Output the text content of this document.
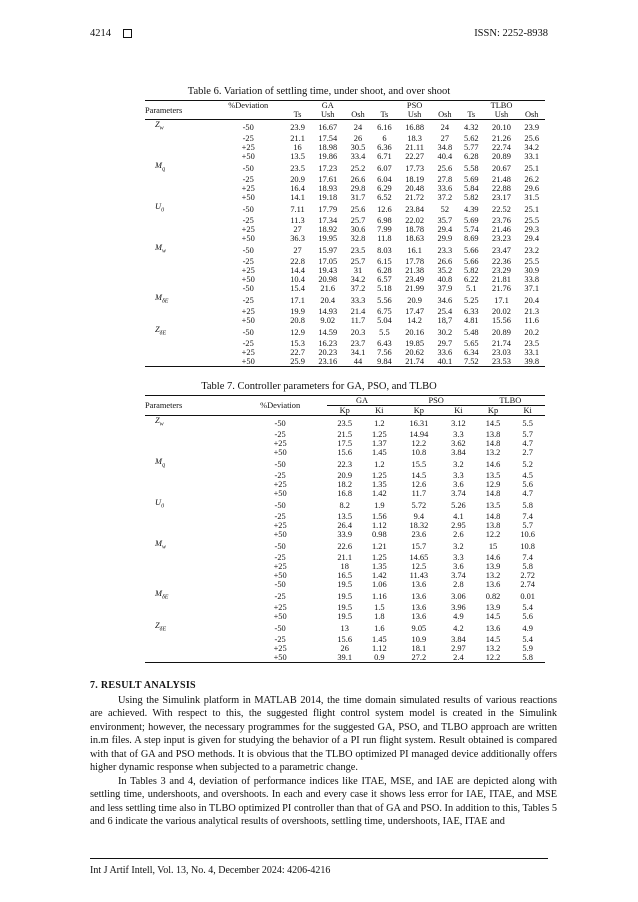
4214	ISSN: 2252-8938
Table 6. Variation of settling time, under shoot, and over shoot
Parameters	%Deviation	GA			PSO			TLBO		
		Ts	Ush	Osh	Ts	Ush	Osh	Ts	Ush	Osh
$Z_w$	-50	23.9	16.67	24	6.16	16.88	24	4.32	20.10	23.9
	-25	21.1	17.54	26	6	18.3	27	5.62	21.26	25.6
	+25	16	18.98	30.5	6.36	21.11	34.8	5.77	22.74	34.2
	+50	13.5	19.86	33.4	6.71	22.27	40.4	6.28	20.89	33.1
$M_q$	-50	23.5	17.23	25.2	6.07	17.73	25.6	5.58	20.67	25.1
	-25	20.9	17.61	26.6	6.04	18.19	27.8	5.69	21.48	26.2
	+25	16.4	18.93	29.8	6.29	20.48	33.6	5.84	22.88	29.6
	+50	14.1	19.18	31.7	6.52	21.72	37.2	5.82	23.17	31.5
$U_0$	-50	7.11	17.79	25.6	12.6	23.84	52	4.39	22.52	25.1
	-25	11.3	17.34	25.7	6.98	22.02	35.7	5.69	23.76	25.5
	+25	27	18.92	30.6	7.99	18.78	29.4	5.74	21.46	29.3
	+50	36.3	19.95	32.8	11.8	18.63	29.9	8.69	23.23	29.4
$M_w$	-50	27	15.97	23.5	8.03	16.1	23.3	5.66	23.47	23.2
	-25	22.8	17.05	25.7	6.15	17.78	26.6	5.66	22.36	25.5
	+25	14.4	19.43	31	6.28	21.38	35.2	5.82	23.29	30.9
	+50	10.4	20.98	34.2	6.57	23.49	40.8	6.22	21.81	33.8
	-50	15.4	21.6	37.2	5.18	21.99	37.9	5.1	21.76	37.1
$M_{\delta E}$	-25	17.1	20.4	33.3	5.56	20.9	34.6	5.25	17.1	20.4
	+25	19.9	14.93	21.4	6.75	17.47	25.4	6.33	20.02	21.3
	+50	20.8	9.02	11.7	5.04	14.2	18,7	4.81	15.56	11.6
$Z_{\delta E}$	-50	12.9	14.59	20.3	5.5	20.16	30.2	5.48	20.89	20.2
	-25	15.3	16.23	23.7	6.43	19.85	29.7	5.65	21.74	23.5
	+25	22.7	20.23	34.1	7.56	20.62	33.6	6.34	23.03	33.1
	+50	25.9	23.16	44	9.84	21.74	40.1	7.52	23.53	39.8
Table 7. Controller parameters for GA, PSO, and TLBO
Parameters	%Deviation	GA		PSO		TLBO	
		Kp	Ki	Kp	Ki	Kp	Ki
$Z_w$	-50	23.5	1.2	16.31	3.12	14.5	5.5
	-25	21.5	1.25	14.94	3.3	13.8	5.7
	+25	17.5	1.37	12.2	3.62	14.8	4.7
	+50	15.6	1.45	10.8	3.84	13.2	2.7
$M_q$	-50	22.3	1.2	15.5	3.2	14.6	5.2
	-25	20.9	1.25	14.5	3.3	13.5	4.5
	+25	18.2	1.35	12.6	3.6	12.9	5.6
	+50	16.8	1.42	11.7	3.74	14.8	4.7
$U_0$	-50	8.2	1.9	5.72	5.26	13.5	5.8
	-25	13.5	1.56	9.4	4.1	14.8	7.4
	+25	26.4	1.12	18.32	2.95	13.8	5.7
	+50	33.9	0.98	23.6	2.6	12.2	10.6
$M_w$	-50	22.6	1.21	15.7	3.2	15	10.8
	-25	21.1	1.25	14.65	3.3	14.6	7.4
	+25	18	1.35	12.5	3.6	13.9	5.8
	+50	16.5	1.42	11.43	3.74	13.2	2.72
	-50	19.5	1.06	13.6	2.8	13.6	2.74
$M_{\delta E}$	-25	19.5	1.16	13.6	3.06	0.82	0.01
	+25	19.5	1.5	13.6	3.96	13.9	5.4
	+50	19.5	1.8	13.6	4.9	14.5	5.6
$Z_{\delta E}$	-50	13	1.6	9.05	4.2	13.6	4.9
	-25	15.6	1.45	10.9	3.84	14.5	5.4
	+25	26	1.12	18.1	2.97	13.2	5.9
	+50	39.1	0.9	27.2	2.4	12.2	5.8
7. RESULT ANALYSIS
Using the Simulink platform in MATLAB 2014, the time domain simulated results of various reactions are achieved. With respect to this, the suggested flight control system model is created in the Simulink environment; however, the necessary programmes for the suggested GA, PSO, and TLBO approach are written in.m files. A step input is given for studying the behavior of a PI run flight system. Result obtained is compared with that of GA and PSO methods. It is obvious that the TLBO optimized PI managed device additionally offers higher dynamic response when subjected to a parametric change.
In Tables 3 and 4, deviation of performance indices like ITAE, MSE, and IAE are depicted along with settling time, undershoots, and overshoots. In each and every case it shows less error for IAE, ITAE, and MSE and less settling time also in TLBO optimized PI controller than that of GA and PSO. In addition to this, Tables 5 and 6 indicate the various analytical results of overshoots, settling time, undershoots, IAE, ITAE and
Int J Artif Intell, Vol. 13, No. 4, December 2024: 4206-4216
